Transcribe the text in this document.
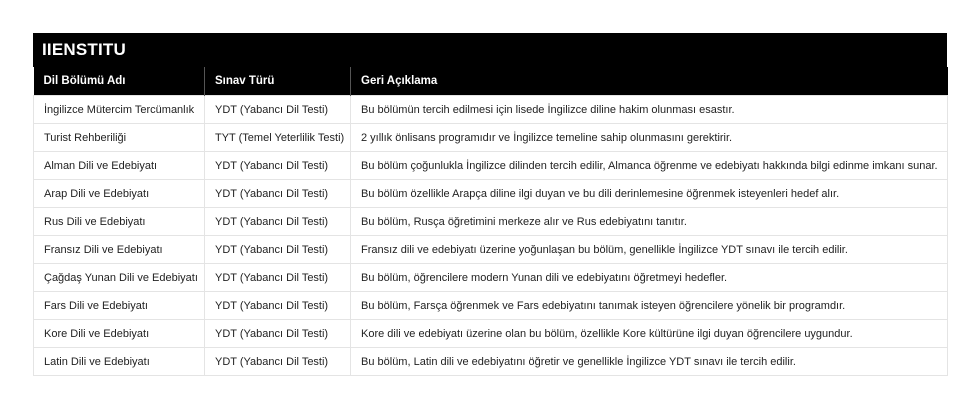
IIENSTITU
Dil Bölümü Adı	Sınav Türü	Geri Açıklama
İngilizce Mütercim Tercümanlık	YDT (Yabancı Dil Testi)	Bu bölümün tercih edilmesi için lisede İngilizce diline hakim olunması esastır.
Turist Rehberiliği	TYT (Temel Yeterlilik Testi)	2 yıllık önlisans programıdır ve İngilizce temeline sahip olunmasını gerektirir.
Alman Dili ve Edebiyatı	YDT (Yabancı Dil Testi)	Bu bölüm çoğunlukla İngilizce dilinden tercih edilir, Almanca öğrenme ve edebiyatı hakkında bilgi edinme imkanı sunar.
Arap Dili ve Edebiyatı	YDT (Yabancı Dil Testi)	Bu bölüm özellikle Arapça diline ilgi duyan ve bu dili derinlemesine öğrenmek isteyenleri hedef alır.
Rus Dili ve Edebiyatı	YDT (Yabancı Dil Testi)	Bu bölüm, Rusça öğretimini merkeze alır ve Rus edebiyatını tanıtır.
Fransız Dili ve Edebiyatı	YDT (Yabancı Dil Testi)	Fransız dili ve edebiyatı üzerine yoğunlaşan bu bölüm, genellikle İngilizce YDT sınavı ile tercih edilir.
Çağdaş Yunan Dili ve Edebiyatı	YDT (Yabancı Dil Testi)	Bu bölüm, öğrencilere modern Yunan dili ve edebiyatını öğretmeyi hedefler.
Fars Dili ve Edebiyatı	YDT (Yabancı Dil Testi)	Bu bölüm, Farsça öğrenmek ve Fars edebiyatını tanımak isteyen öğrencilere yönelik bir programdır.
Kore Dili ve Edebiyatı	YDT (Yabancı Dil Testi)	Kore dili ve edebiyatı üzerine olan bu bölüm, özellikle Kore kültürüne ilgi duyan öğrencilere uygundur.
Latin Dili ve Edebiyatı	YDT (Yabancı Dil Testi)	Bu bölüm, Latin dili ve edebiyatını öğretir ve genellikle İngilizce YDT sınavı ile tercih edilir.
